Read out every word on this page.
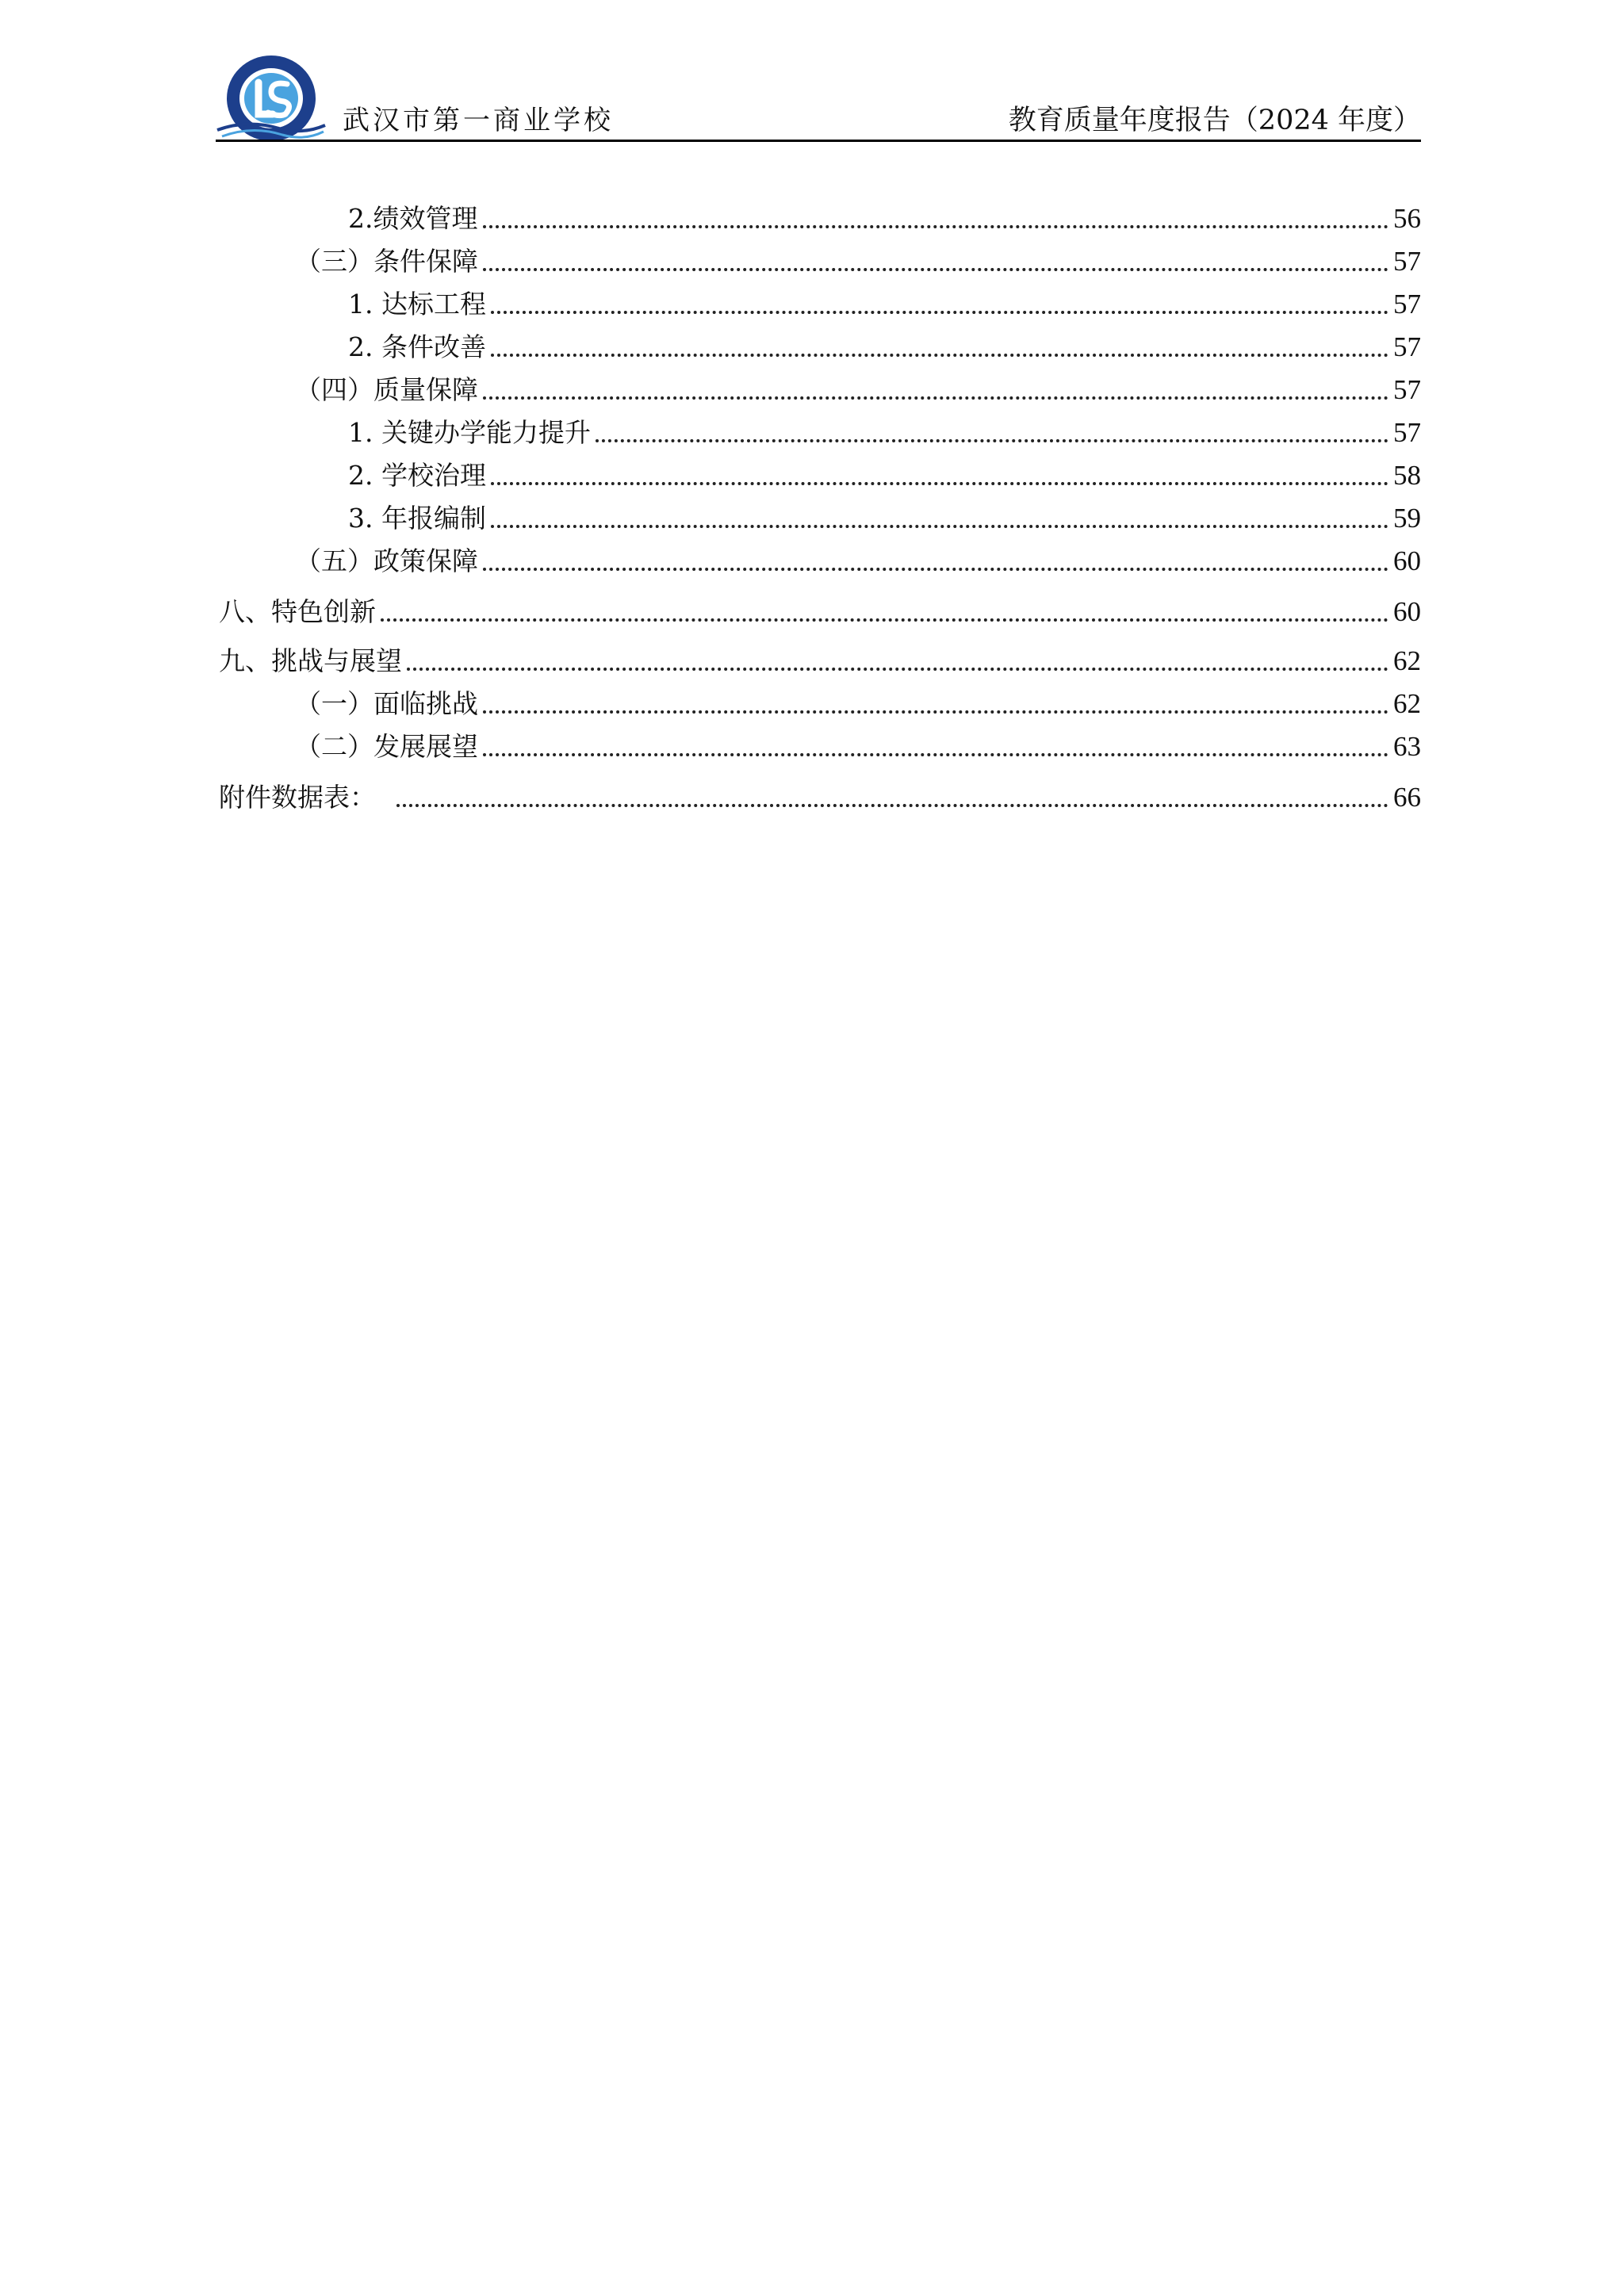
武汉市第一商业学校	教育质量年度报告（2024 年度）
2.绩效管理	56
（三）条件保障	57
1. 达标工程	57
2. 条件改善	57
（四）质量保障	57
1. 关键办学能力提升	57
2. 学校治理	58
3. 年报编制	59
（五）政策保障	60
八、特色创新	60
九、挑战与展望	62
（一）面临挑战	62
（二）发展展望	63
附件数据表：	66
